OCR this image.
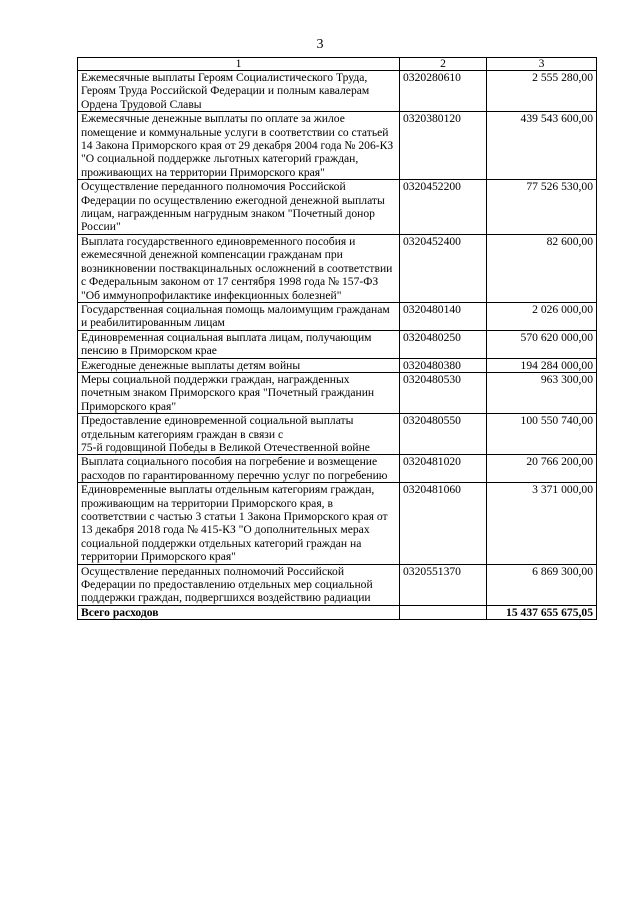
3
1	2	3
Ежемесячные выплаты Героям Социалистического Труда, Героям Труда Российской Федерации и полным кавалерам Ордена Трудовой Славы	0320280610	2 555 280,00
Ежемесячные денежные выплаты по оплате за жилое помещение и коммунальные услуги в соответствии со статьей 14 Закона Приморского края от 29 декабря 2004 года № 206-КЗ "О социальной поддержке льготных категорий граждан, проживающих на территории Приморского края"	0320380120	439 543 600,00
Осуществление переданного полномочия Российской Федерации по осуществлению ежегодной денежной выплаты лицам, награжденным нагрудным знаком "Почетный донор России"	0320452200	77 526 530,00
Выплата государственного единовременного пособия и ежемесячной денежной компенсации гражданам при возникновении поствакцинальных осложнений в соответствии с Федеральным законом от 17 сентября 1998 года № 157-ФЗ "Об иммунопрофилактике инфекционных болезней"	0320452400	82 600,00
Государственная социальная помощь малоимущим гражданам и реабилитированным лицам	0320480140	2 026 000,00
Единовременная социальная выплата лицам, получающим пенсию в Приморском крае	0320480250	570 620 000,00
Ежегодные денежные выплаты детям войны	0320480380	194 284 000,00
Меры социальной поддержки граждан, награжденных почетным знаком Приморского края "Почетный гражданин Приморского края"	0320480530	963 300,00
Предоставление единовременной социальной выплаты отдельным категориям граждан в связи с
75-й годовщиной Победы в Великой Отечественной войне	0320480550	100 550 740,00
Выплата социального пособия на погребение и возмещение расходов по гарантированному перечню услуг по погребению	0320481020	20 766 200,00
Единовременные выплаты отдельным категориям граждан, проживающим на территории Приморского края, в соответствии с частью 3 статьи 1 Закона Приморского края от 13 декабря 2018 года № 415-КЗ "О дополнительных мерах социальной поддержки отдельных категорий граждан на территории Приморского края"	0320481060	3 371 000,00
Осуществление переданных полномочий Российской Федерации по предоставлению отдельных мер социальной поддержки граждан, подвергшихся воздействию радиации	0320551370	6 869 300,00
Всего расходов		15 437 655 675,05
